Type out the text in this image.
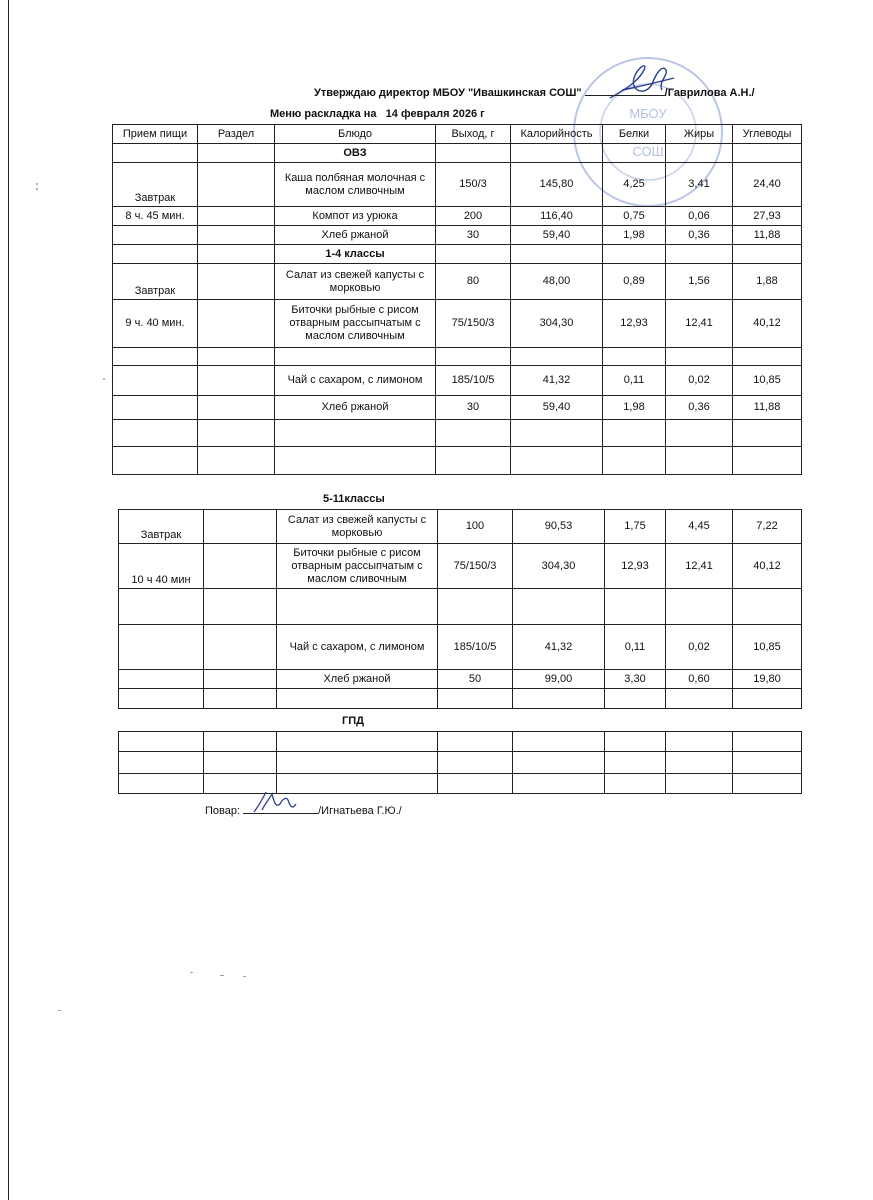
МБОУ
СОШ
Утверждаю директор МБОУ "Ивашкинская СОШ"	/Гаврилова А.Н./
Меню раскладка на 14 февраля 2026 г
Прием пищи	Раздел	Блюдо	Выход, г	Калорийность	Белки	Жиры	Углеводы
		ОВЗ					
Завтрак		Каша полбяная молочная с маслом сливочным	150/3	145,80	4,25	3,41	24,40
8 ч. 45 мин.		Компот из урюка	200	116,40	0,75	0,06	27,93
		Хлеб ржаной	30	59,40	1,98	0,36	11,88
		1-4 классы					
Завтрак		Салат из свежей капусты с морковью	80	48,00	0,89	1,56	1,88
9 ч. 40 мин.		Биточки рыбные с рисом отварным рассыпчатым с маслом сливочным	75/150/3	304,30	12,93	12,41	40,12

		Чай с сахаром, с лимоном	185/10/5	41,32	0,11	0,02	10,85
		Хлеб ржаной	30	59,40	1,98	0,36	11,88

5-11классы
Завтрак		Салат из свежей капусты с морковью	100	90,53	1,75	4,45	7,22
10 ч 40 мин		Биточки рыбные с рисом отварным рассыпчатым с маслом сливочным	75/150/3	304,30	12,93	12,41	40,12

		Чай с сахаром, с лимоном	185/10/5	41,32	0,11	0,02	10,85
		Хлеб ржаной	50	99,00	3,30	0,60	19,80

ГПД

Повар:	/Игнатьева Г.Ю./
